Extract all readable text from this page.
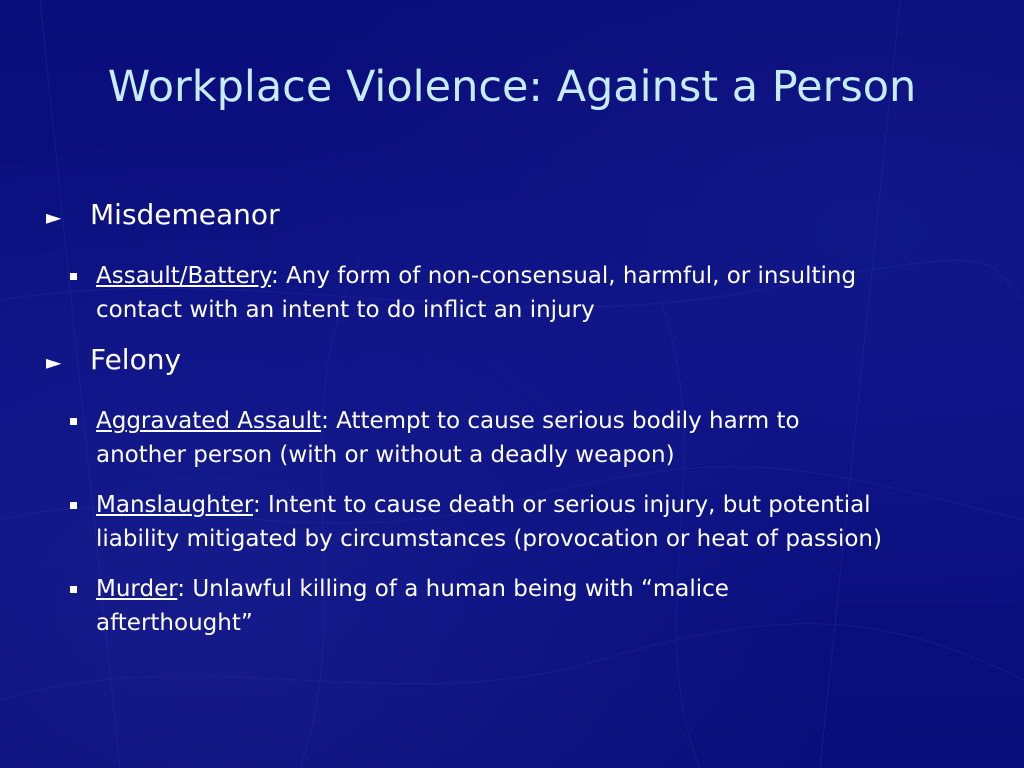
Workplace Violence: Against a Person
►	Misdemeanor
Assault/Battery: Any form of non-consensual, harmful, or insulting
contact with an intent to do inflict an injury
►	Felony
Aggravated Assault: Attempt to cause serious bodily harm to
another person (with or without a deadly weapon)
Manslaughter: Intent to cause death or serious injury, but potential
liability mitigated by circumstances (provocation or heat of passion)
Murder: Unlawful killing of a human being with “malice
afterthought”
